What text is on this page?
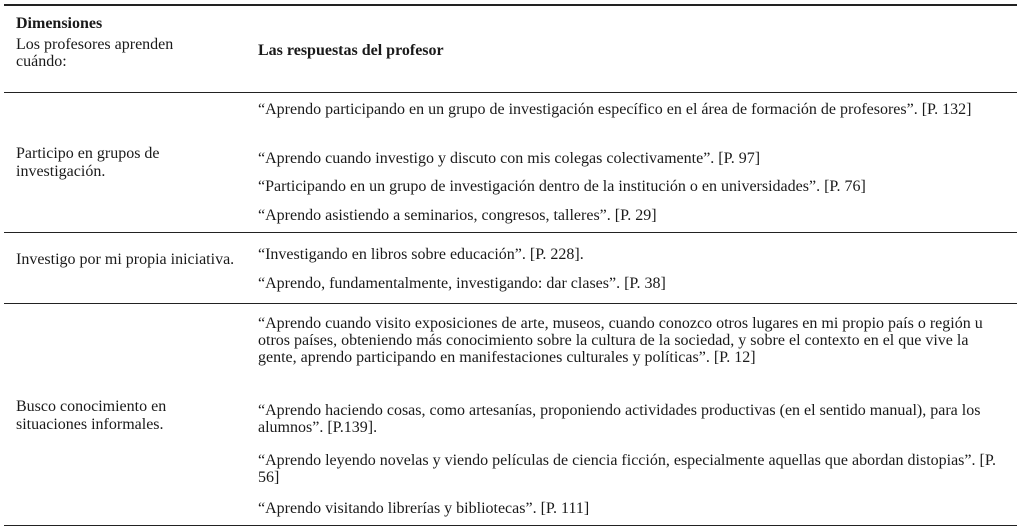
Dimensiones
Los profesores aprenden cuándo:
Las respuestas del profesor
Participo en grupos de investigación.

“Aprendo participando en un grupo de investigación específico en el área de formación de profesores”. [P. 132]

“Aprendo cuando investigo y discuto con mis colegas colectivamente”. [P. 97]

“Participando en un grupo de investigación dentro de la institución o en universidades”. [P. 76]

“Aprendo asistiendo a seminarios, congresos, talleres”. [P. 29]

Investigo por mi propia iniciativa. “Investigando en libros sobre educación”. [P. 228].

“Aprendo, fundamentalmente, investigando: dar clases”. [P. 38]

Busco conocimiento en situaciones informales.

“Aprendo cuando visito exposiciones de arte, museos, cuando conozco otros lugares en mi propio país o región u otros países, obteniendo más conocimiento sobre la cultura de la sociedad, y sobre el contexto en el que vive la gente, aprendo participando en manifestaciones culturales y políticas”. [P. 12]

“Aprendo haciendo cosas, como artesanías, proponiendo actividades productivas (en el sentido manual), para los alumnos”. [P.139].

“Aprendo leyendo novelas y viendo películas de ciencia ficción, especialmente aquellas que abordan distopias”. [P. 56]

“Aprendo visitando librerías y bibliotecas”. [P. 111]
